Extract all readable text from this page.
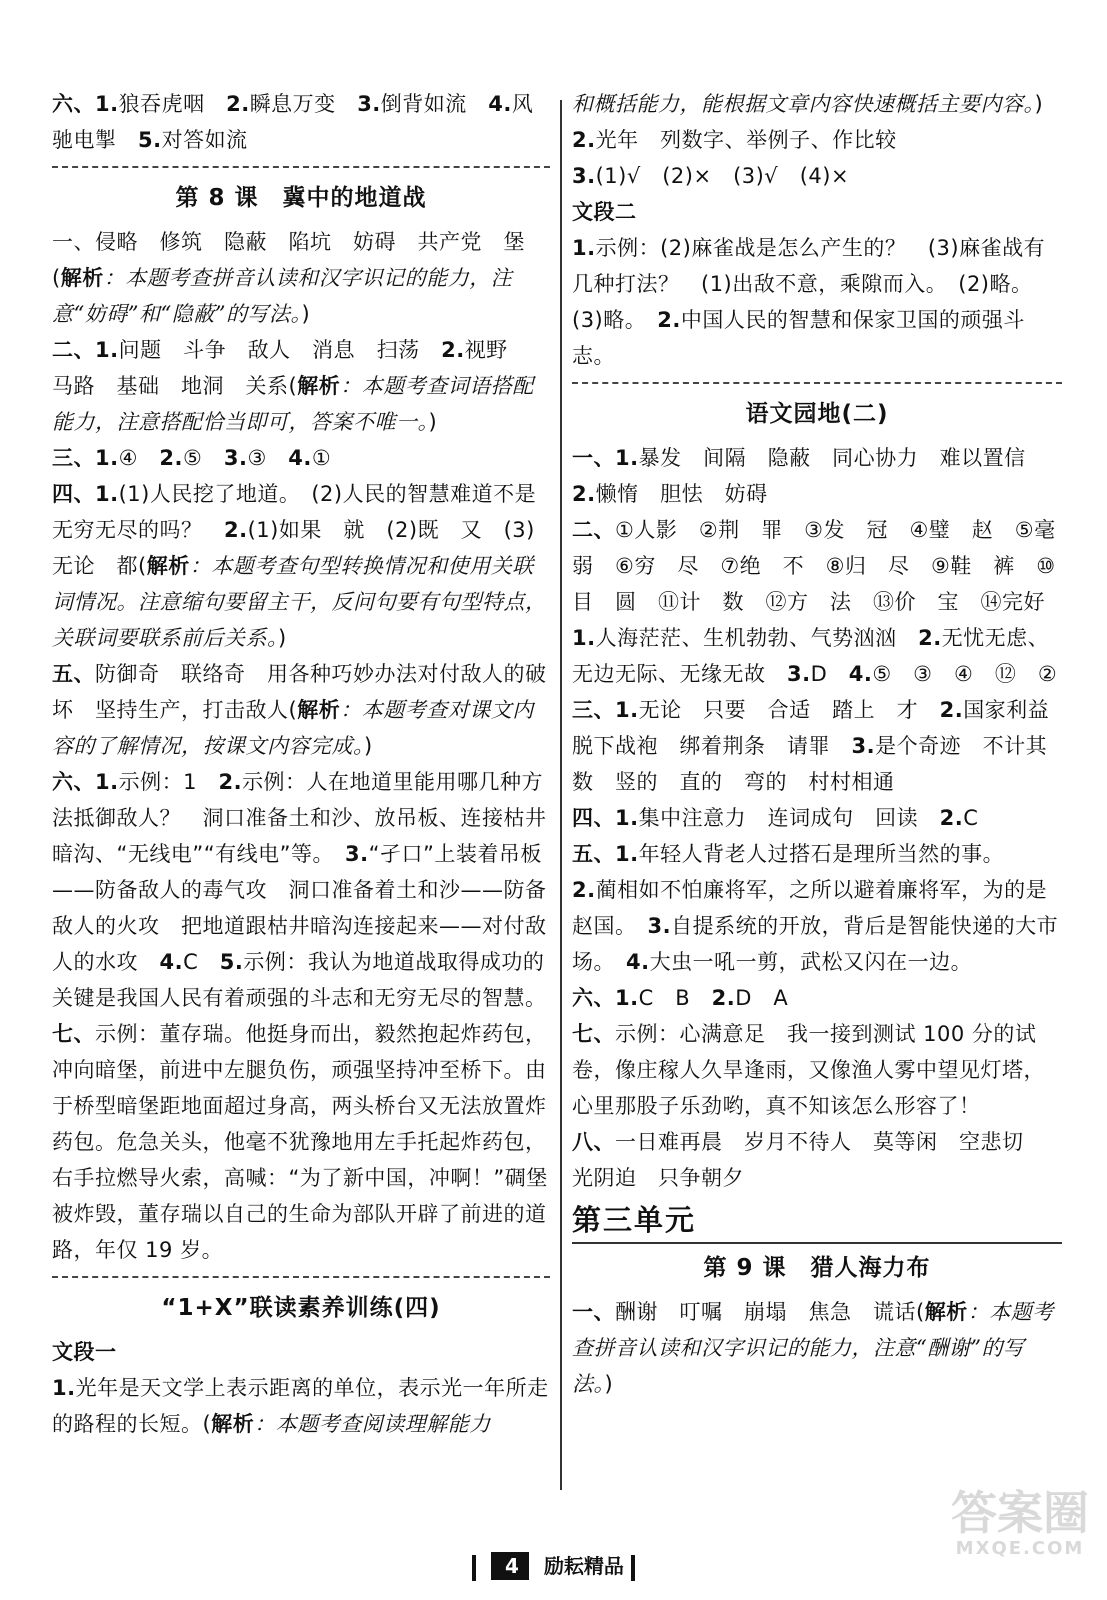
六、1.狼吞虎咽　2.瞬息万变　3.倒背如流　4.风驰电掣　5.对答如流

第 8 课　冀中的地道战

一、侵略　修筑　隐蔽　陷坑　妨碍　共产党　堡

(解析：本题考查拼音认读和汉字识记的能力，注意“妨碍”和“隐蔽”的写法。)

二、1.问题　斗争　敌人　消息　扫荡　2.视野　马路　基础　地洞　关系(解析：本题考查词语搭配能力，注意搭配恰当即可，答案不唯一。)

三、1.④　2.⑤　3.③　4.①

四、1.(1)人民挖了地道。　(2)人民的智慧难道不是无穷无尽的吗？　2.(1)如果　就　(2)既　又　(3)无论　都(解析：本题考查句型转换情况和使用关联词情况。注意缩句要留主干，反问句要有句型特点，关联词要联系前后关系。)

五、防御奇　联络奇　用各种巧妙办法对付敌人的破坏　坚持生产，打击敌人(解析：本题考查对课文内容的了解情况，按课文内容完成。)

六、1.示例：1　2.示例：人在地道里能用哪几种方法抵御敌人？　洞口准备土和沙、放吊板、连接枯井暗沟、“无线电”“有线电”等。　3.“孑口”上装着吊板——防备敌人的毒气攻　洞口准备着土和沙——防备敌人的火攻　把地道跟枯井暗沟连接起来——对付敌人的水攻　4.C　5.示例：我认为地道战取得成功的关键是我国人民有着顽强的斗志和无穷无尽的智慧。

七、示例：董存瑞。他挺身而出，毅然抱起炸药包，冲向暗堡，前进中左腿负伤，顽强坚持冲至桥下。由于桥型暗堡距地面超过身高，两头桥台又无法放置炸药包。危急关头，他毫不犹豫地用左手托起炸药包，右手拉燃导火索，高喊：“为了新中国，冲啊！”碉堡被炸毁，董存瑞以自己的生命为部队开辟了前进的道路，年仅 19 岁。

“1+X”联读素养训练(四)

文段一

1.光年是天文学上表示距离的单位，表示光一年所走的路程的长短。(解析：本题考查阅读理解能力

和概括能力，能根据文章内容快速概括主要内容。)　2.光年　列数字、举例子、作比较

3.(1)√　(2)×　(3)√　(4)×

文段二

1.示例：(2)麻雀战是怎么产生的？　(3)麻雀战有几种打法？　(1)出敌不意，乘隙而入。　(2)略。　(3)略。　2.中国人民的智慧和保家卫国的顽强斗志。

语文园地(二)

一、1.暴发　间隔　隐蔽　同心协力　难以置信

2.懒惰　胆怯　妨碍

二、①人影　②荆　罪　③发　冠　④璧　赵　⑤毫　弱　⑥穷　尽　⑦绝　不　⑧归　尽　⑨鞋　裤　⑩目　圆　⑪计　数　⑫方　法　⑬价　宝　⑭完好

1.人海茫茫、生机勃勃、气势汹汹　2.无忧无虑、无边无际、无缘无故　3.D　4.⑤　③　④　⑫　②

三、1.无论　只要　合适　踏上　才　2.国家利益　脱下战袍　绑着荆条　请罪　3.是个奇迹　不计其数　竖的　直的　弯的　村村相通

四、1.集中注意力　连词成句　回读　2.C

五、1.年轻人背老人过搭石是理所当然的事。

2.蔺相如不怕廉将军，之所以避着廉将军，为的是赵国。　3.自提系统的开放，背后是智能快递的大市场。　4.大虫一吼一剪，武松又闪在一边。

六、1.C　B　2.D　A

七、示例：心满意足　我一接到测试 100 分的试卷，像庄稼人久旱逢雨，又像渔人雾中望见灯塔，心里那股子乐劲哟，真不知该怎么形容了！

八、一日难再晨　岁月不待人　莫等闲　空悲切　光阴迫　只争朝夕

第三单元
第 9 课　猎人海力布

一、酬谢　叮嘱　崩塌　焦急　谎话(解析：本题考查拼音认读和汉字识记的能力，注意“酬谢”的写法。)

4 励耘精品
答案圈
MXQE.COM
